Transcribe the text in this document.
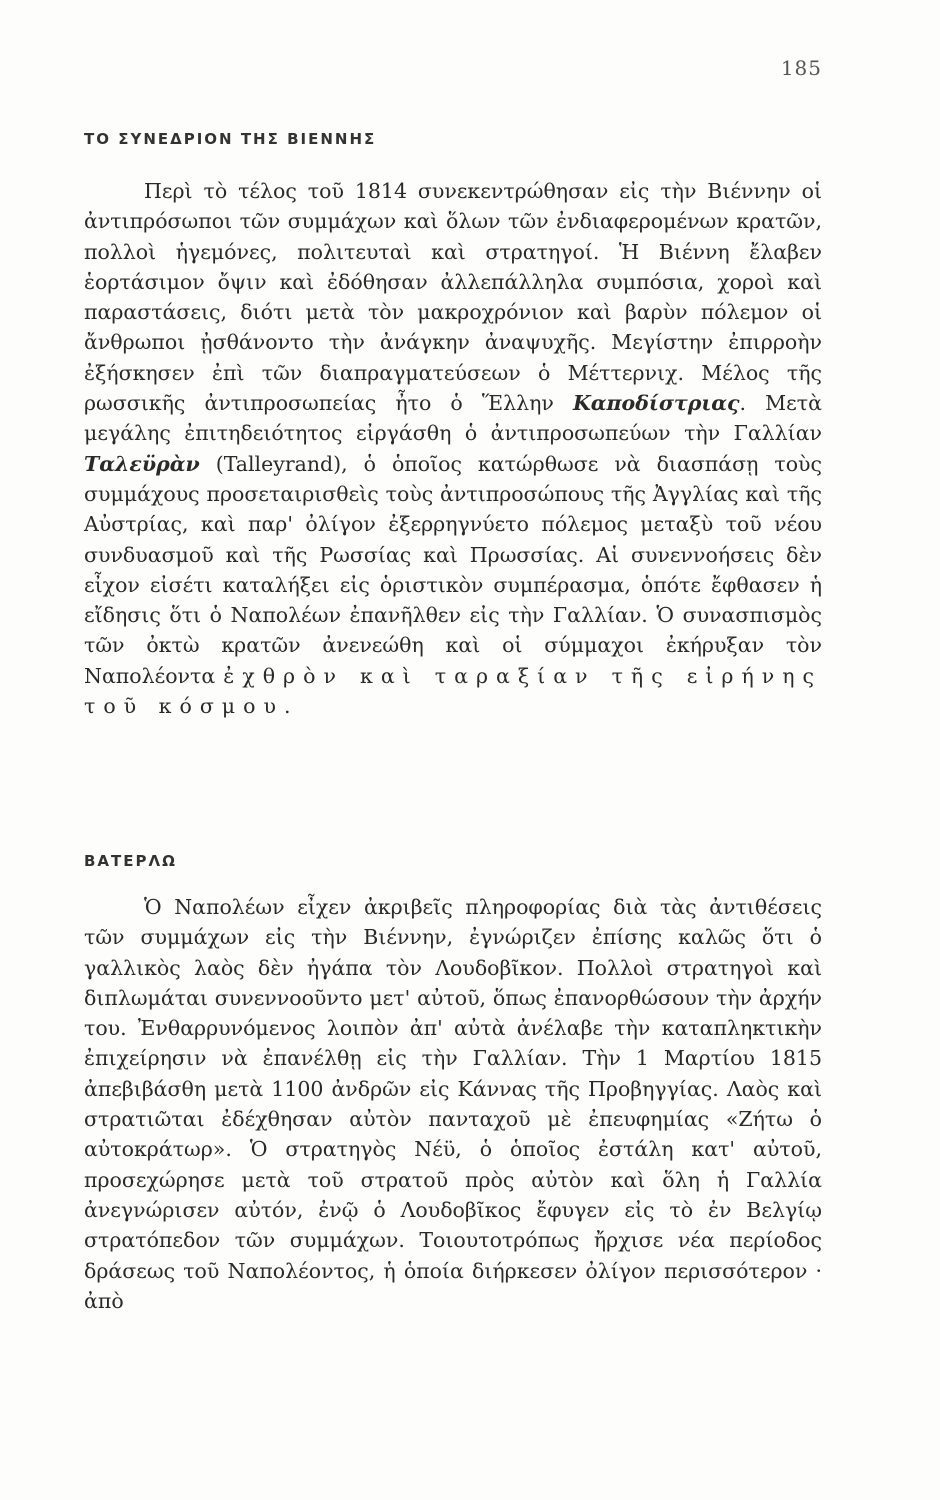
185
ΤΟ ΣΥΝΕΔΡΙΟΝ ΤΗΣ ΒΙΕΝΝΗΣ

Περὶ τὸ τέλος τοῦ 1814 συνεκεντρώθησαν εἰς τὴν Βιέννην οἱ ἀντιπρόσωποι τῶν συμμάχων καὶ ὅλων τῶν ἐνδιαφερομένων κρατῶν, πολλοὶ ἡγεμόνες, πολιτευταὶ καὶ στρατηγοί. Ἡ Βιέννη ἔλαβεν ἑορτάσιμον ὄψιν καὶ ἐδόθησαν ἀλλεπάλληλα συμπόσια, χοροὶ καὶ παραστάσεις, διότι μετὰ τὸν μακροχρόνιον καὶ βαρὺν πόλεμον οἱ ἄνθρωποι ᾐσθάνοντο τὴν ἀνάγκην ἀναψυχῆς. Μεγίστην ἐπιρροὴν ἐξήσκησεν ἐπὶ τῶν διαπραγματεύσεων ὁ Μέττερνιχ. Μέλος τῆς ρωσσικῆς ἀντιπροσωπείας ἦτο ὁ Ἕλλην Καποδίστριας. Μετὰ μεγάλης ἐπιτηδειότητος εἰργάσθη ὁ ἀντιπροσωπεύων τὴν Γαλλίαν Ταλεϋρὰν (Talleyrand), ὁ ὁποῖος κατώρθωσε νὰ διασπάσῃ τοὺς συμμάχους προσεταιρισθεὶς τοὺς ἀντιπροσώπους τῆς Ἀγγλίας καὶ τῆς Αὐστρίας, καὶ παρ' ὀλίγον ἐξερρηγνύετο πόλεμος μεταξὺ τοῦ νέου συνδυασμοῦ καὶ τῆς Ρωσσίας καὶ Πρωσσίας. Αἱ συνεννοήσεις δὲν εἶχον εἰσέτι καταλήξει εἰς ὁριστικὸν συμπέρασμα, ὁπότε ἔφθασεν ἡ εἴδησις ὅτι ὁ Ναπολέων ἐπανῆλθεν εἰς τὴν Γαλλίαν. Ὁ συνασπισμὸς τῶν ὀκτὼ κρατῶν ἀνενεώθη καὶ οἱ σύμμαχοι ἐκήρυξαν τὸν Ναπολέοντα ἐχθρὸν καὶ ταραξίαν τῆς εἰρήνης τοῦ κόσμου.

ΒΑΤΕΡΛΩ

Ὁ Ναπολέων εἶχεν ἀκριβεῖς πληροφορίας διὰ τὰς ἀντιθέσεις τῶν συμμάχων εἰς τὴν Βιέννην, ἐγνώριζεν ἐπίσης καλῶς ὅτι ὁ γαλλικὸς λαὸς δὲν ἠγάπα τὸν Λουδοβῖκον. Πολλοὶ στρατηγοὶ καὶ διπλωμάται συνεννοοῦντο μετ' αὐτοῦ, ὅπως ἐπανορθώσουν τὴν ἀρχήν του. Ἐνθαρρυνόμενος λοιπὸν ἀπ' αὐτὰ ἀνέλαβε τὴν καταπληκτικὴν ἐπιχείρησιν νὰ ἐπανέλθῃ εἰς τὴν Γαλλίαν. Τὴν 1 Μαρτίου 1815 ἀπεβιβάσθη μετὰ 1100 ἀνδρῶν εἰς Κάννας τῆς Προβηγγίας. Λαὸς καὶ στρατιῶται ἐδέχθησαν αὐτὸν πανταχοῦ μὲ ἐπευφημίας «Ζήτω ὁ αὐτοκράτωρ». Ὁ στρατηγὸς Νέϋ, ὁ ὁποῖος ἐστάλη κατ' αὐτοῦ, προσεχώρησε μετὰ τοῦ στρατοῦ πρὸς αὐτὸν καὶ ὅλη ἡ Γαλλία ἀνεγνώρισεν αὐτόν, ἐνῷ ὁ Λουδοβῖκος ἔφυγεν εἰς τὸ ἐν Βελγίῳ στρατόπεδον τῶν συμμάχων. Τοιουτοτρόπως ἤρχισε νέα περίοδος δράσεως τοῦ Ναπολέοντος, ἡ ὁποία διήρκεσεν ὀλίγον περισσότερον · ἀπὸ
